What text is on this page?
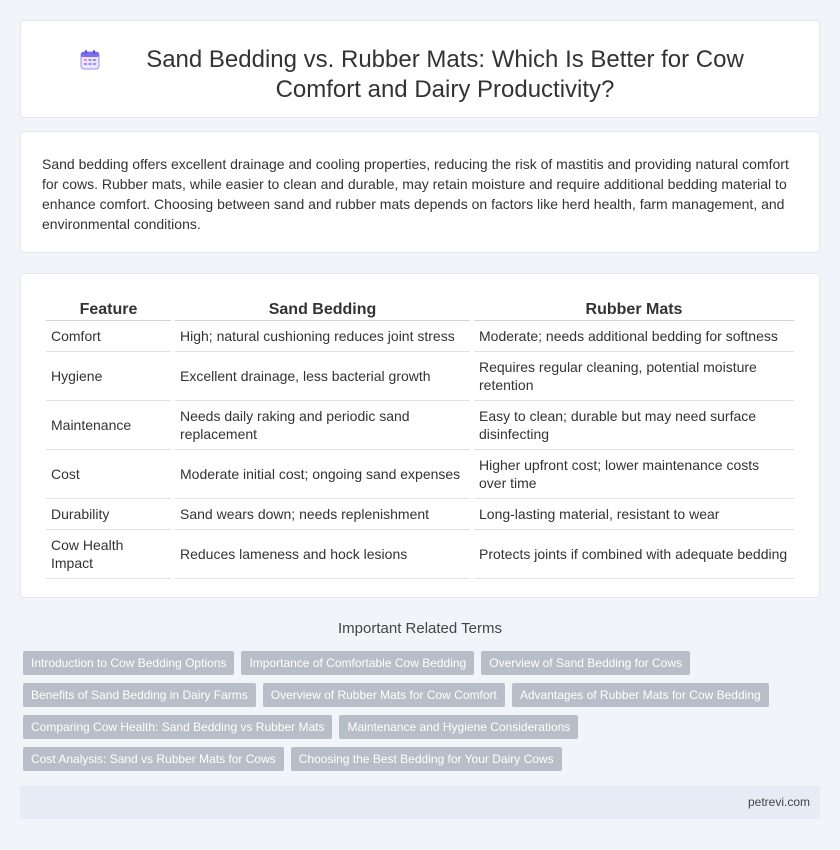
Sand Bedding vs. Rubber Mats: Which Is Better for Cow Comfort and Dairy Productivity?

Sand bedding offers excellent drainage and cooling properties, reducing the risk of mastitis and providing natural comfort for cows. Rubber mats, while easier to clean and durable, may retain moisture and require additional bedding material to enhance comfort. Choosing between sand and rubber mats depends on factors like herd health, farm management, and environmental conditions.

Feature	Sand Bedding	Rubber Mats
Comfort	High; natural cushioning reduces joint stress	Moderate; needs additional bedding for softness
Hygiene	Excellent drainage, less bacterial growth	Requires regular cleaning, potential moisture retention
Maintenance	Needs daily raking and periodic sand replacement	Easy to clean; durable but may need surface disinfecting
Cost	Moderate initial cost; ongoing sand expenses	Higher upfront cost; lower maintenance costs over time
Durability	Sand wears down; needs replenishment	Long-lasting material, resistant to wear
Cow Health Impact	Reduces lameness and hock lesions	Protects joints if combined with adequate bedding
Important Related Terms
Introduction to Cow Bedding Options	Importance of Comfortable Cow Bedding	Overview of Sand Bedding for Cows
Benefits of Sand Bedding in Dairy Farms	Overview of Rubber Mats for Cow Comfort	Advantages of Rubber Mats for Cow Bedding
Comparing Cow Health: Sand Bedding vs Rubber Mats	Maintenance and Hygiene Considerations
Cost Analysis: Sand vs Rubber Mats for Cows	Choosing the Best Bedding for Your Dairy Cows
petrevi.com
